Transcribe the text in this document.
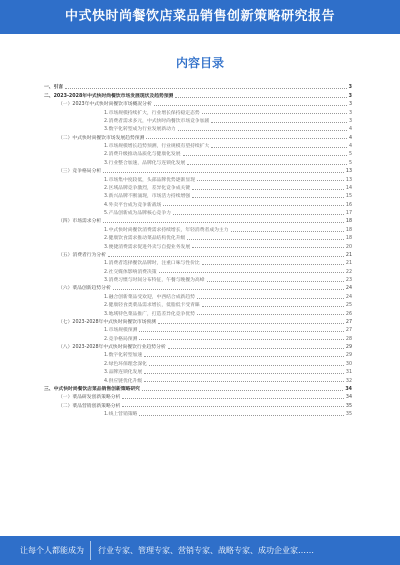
中式快时尚餐饮店菜品销售创新策略研究报告
内容目录
一、引言	3
二、2023-2028年中式快时尚餐饮市场发展现状及趋势预测	3
（一）2023年中式快时尚餐饮市场概况分析	3
1.市场规模持续扩大，行业增长保持稳定态势	3
2.消费者需求多元，中式快时尚餐饮市场竞争加剧	3
3.数字化转型成为行业发展新动力	4
（二）中式快时尚餐饮市场发展趋势预测	4
1.市场规模增长趋势预测，行业规模有望持续扩大	4
2.消费升级推动品质化与健康化发展	5
3.行业整合加速，品牌化与连锁化发展	5
（三）竞争格局分析	13
1.市场集中度较低，头部品牌优势逐渐显现	13
2.区域品牌竞争激烈，差异化竞争成关键	14
3.新兴品牌不断涌现，市场活力持续增强	15
4.外卖平台成为竞争新战场	16
5.产品创新成为品牌核心竞争力	17
（四）市场需求分析	18
1.中式快时尚餐饮消费需求持续增长，年轻消费者成为主力	18
2.健康饮食需求推动菜品结构优化升级	18
3.便捷消费需求促进外卖与自提业务发展	20
（五）消费者行为分析	21
1.消费者选择餐饮品牌时，注重口味与性价比	21
2.社交媒体影响消费决策	22
3.消费习惯与时间分布特征，午餐与晚餐为高峰	23
（六）菜品创新趋势分析	24
1.融合创新菜品受欢迎，中西结合成新趋势	24
2.健康轻食类菜品需求增长，低脂低卡受青睐	25
3.地域特色菜品推广，打造差异化竞争优势	26
（七）2023-2028年中式快时尚餐饮市场预测	27
1.市场规模预测	27
2.竞争格局预测	28
（八）2023-2028年中式快时尚餐饮行业趋势分析	29
1.数字化转型加速	29
2.绿色环保理念深化	30
3.品牌连锁化发展	31
4.供应链优化升级	32
三、中式快时尚餐饮店菜品销售创新策略研究	34
（一）菜品研发创新策略分析	34
（二）菜品营销创新策略分析	35
1.线上营销策略	35
让每个人都能成为 行业专家、管理专家、营销专家、战略专家、成功企业家……
